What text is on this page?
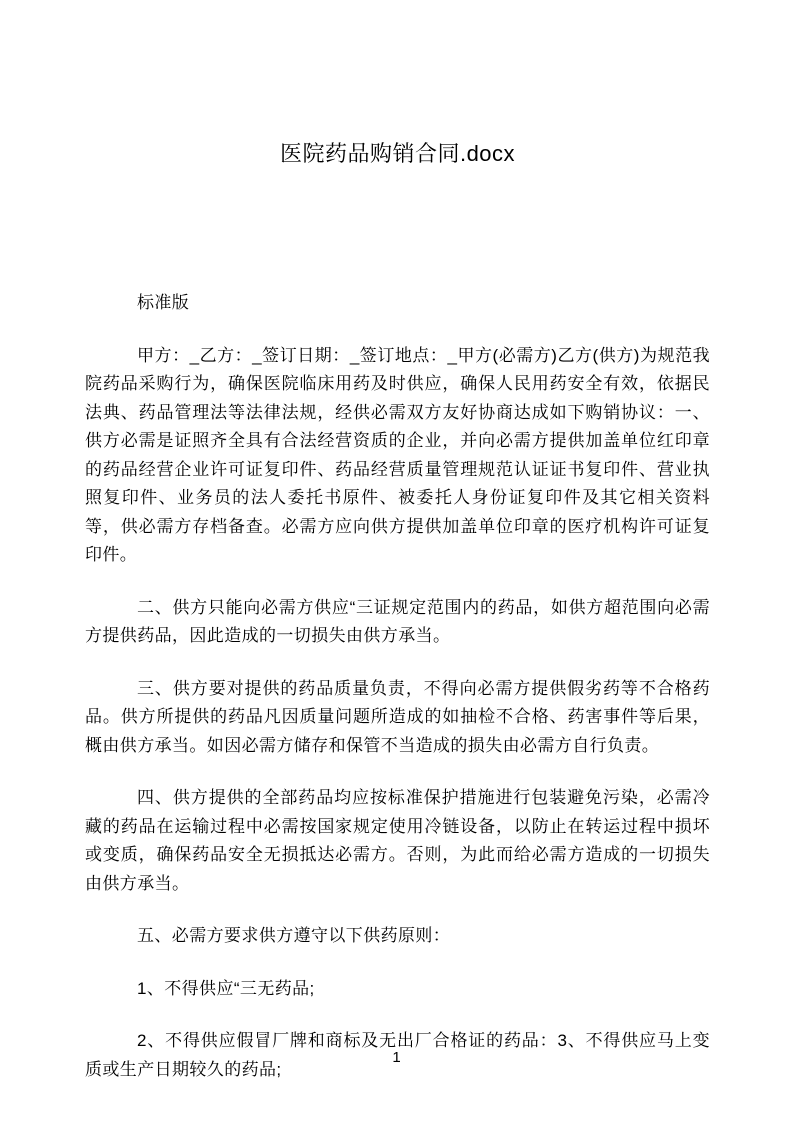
医院药品购销合同.docx

标准版

甲方：_乙方：_签订日期：_签订地点：_甲方(必需方)乙方(供方)为规范我院药品采购行为，确保医院临床用药及时供应，确保人民用药安全有效，依据民法典、药品管理法等法律法规，经供必需双方友好协商达成如下购销协议：一、供方必需是证照齐全具有合法经营资质的企业，并向必需方提供加盖单位红印章的药品经营企业许可证复印件、药品经营质量管理规范认证证书复印件、营业执照复印件、业务员的法人委托书原件、被委托人身份证复印件及其它相关资料等，供必需方存档备查。必需方应向供方提供加盖单位印章的医疗机构许可证复印件。

二、供方只能向必需方供应“三证规定范围内的药品，如供方超范围向必需方提供药品，因此造成的一切损失由供方承当。

三、供方要对提供的药品质量负责，不得向必需方提供假劣药等不合格药品。供方所提供的药品凡因质量问题所造成的如抽检不合格、药害事件等后果，概由供方承当。如因必需方储存和保管不当造成的损失由必需方自行负责。

四、供方提供的全部药品均应按标准保护措施进行包装避免污染，必需冷藏的药品在运输过程中必需按国家规定使用冷链设备，以防止在转运过程中损坏或变质，确保药品安全无损抵达必需方。否则，为此而给必需方造成的一切损失由供方承当。

五、必需方要求供方遵守以下供药原则：

1、不得供应“三无药品;

2、不得供应假冒厂牌和商标及无出厂合格证的药品：3、不得供应马上变质或生产日期较久的药品;

1
